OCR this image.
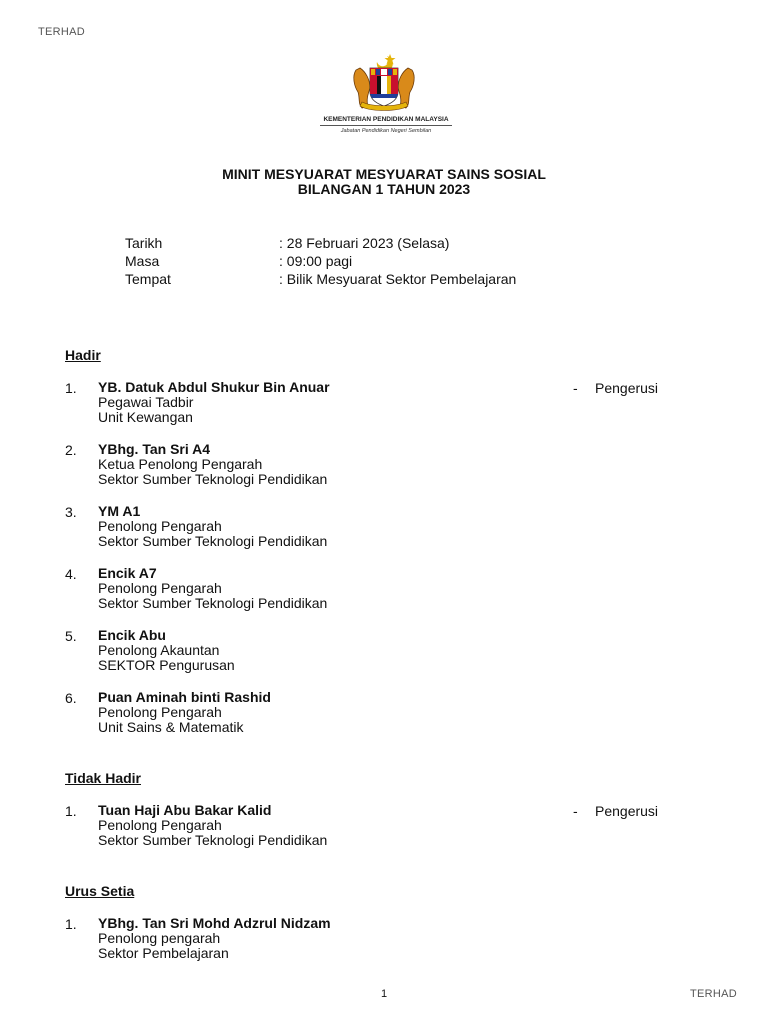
TERHAD
KEMENTERIAN PENDIDIKAN MALAYSIA
Jabatan Pendidikan Negeri Sembilan
MINIT MESYUARAT MESYUARAT SAINS SOSIAL
BILANGAN 1 TAHUN 2023
Tarikh	: 28 Februari 2023 (Selasa)
Masa	: 09:00 pagi
Tempat	: Bilik Mesyuarat Sektor Pembelajaran
Hadir
1. YB. Datuk Abdul Shukur Bin Anuar
Pegawai Tadbir
Unit Kewangan
- Pengerusi
2. YBhg. Tan Sri A4
Ketua Penolong Pengarah
Sektor Sumber Teknologi Pendidikan
3. YM A1
Penolong Pengarah
Sektor Sumber Teknologi Pendidikan
4. Encik A7
Penolong Pengarah
Sektor Sumber Teknologi Pendidikan
5. Encik Abu
Penolong Akauntan
SEKTOR Pengurusan
6. Puan Aminah binti Rashid
Penolong Pengarah
Unit Sains & Matematik
Tidak Hadir
1. Tuan Haji Abu Bakar Kalid
Penolong Pengarah
Sektor Sumber Teknologi Pendidikan
- Pengerusi
Urus Setia
1. YBhg. Tan Sri Mohd Adzrul Nidzam
Penolong pengarah
Sektor Pembelajaran
1	TERHAD
